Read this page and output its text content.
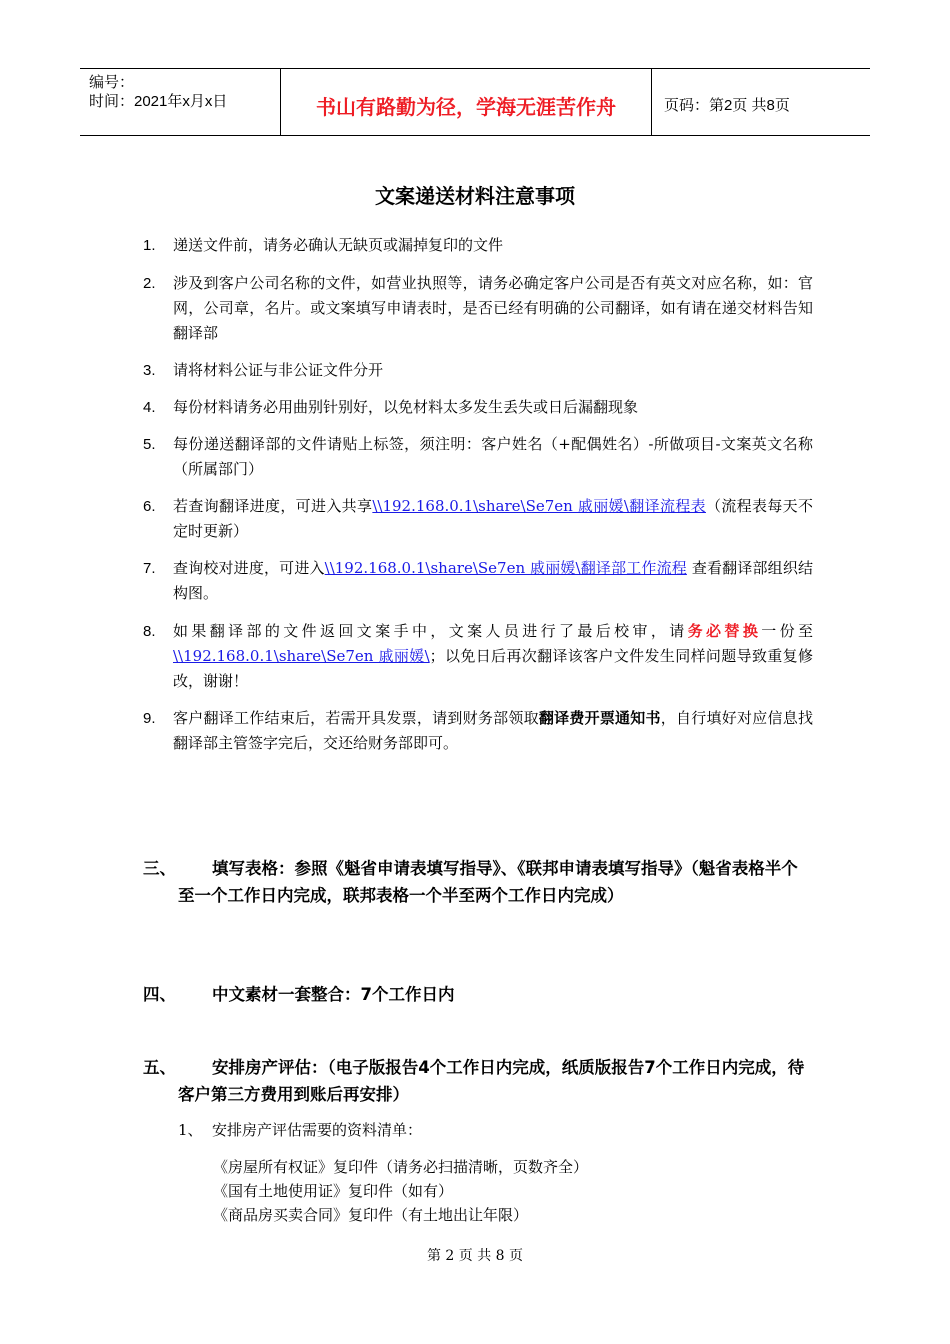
编号：
时间：2021年x月x日	书山有路勤为径，学海无涯苦作舟	页码：第2页 共8页
文案递送材料注意事项
1. 递送文件前，请务必确认无缺页或漏掉复印的文件
2. 涉及到客户公司名称的文件，如营业执照等，请务必确定客户公司是否有英文对应名称，如：官网，公司章，名片。或文案填写申请表时，是否已经有明确的公司翻译，如有请在递交材料告知翻译部
3. 请将材料公证与非公证文件分开
4. 每份材料请务必用曲别针别好，以免材料太多发生丢失或日后漏翻现象
5. 每份递送翻译部的文件请贴上标签，须注明：客户姓名（+配偶姓名）-所做项目-文案英文名称（所属部门）
6. 若查询翻译进度，可进入共享\\192.168.0.1\share\Se7en 戚丽媛\翻译流程表（流程表每天不定时更新）
7. 查询校对进度，可进入\\192.168.0.1\share\Se7en 戚丽媛\翻译部工作流程 查看翻译部组织结构图。
8. 如果翻译部的文件返回文案手中，文案人员进行了最后校审，请务必替换一份至\\192.168.0.1\share\Se7en 戚丽媛\；以免日后再次翻译该客户文件发生同样问题导致重复修改，谢谢！
9. 客户翻译工作结束后，若需开具发票，请到财务部领取翻译费开票通知书，自行填好对应信息找翻译部主管签字完后，交还给财务部即可。
三、	填写表格：参照《魁省申请表填写指导》、《联邦申请表填写指导》（魁省表格半个至一个工作日内完成，联邦表格一个半至两个工作日内完成）
四、	中文素材一套整合：7个工作日内
五、	安排房产评估：（电子版报告4个工作日内完成，纸质版报告7个工作日内完成，待客户第三方费用到账后再安排）
1、 安排房产评估需要的资料清单：
《房屋所有权证》复印件（请务必扫描清晰，页数齐全）
《国有土地使用证》复印件（如有）
《商品房买卖合同》复印件（有土地出让年限）
第 2 页 共 8 页
